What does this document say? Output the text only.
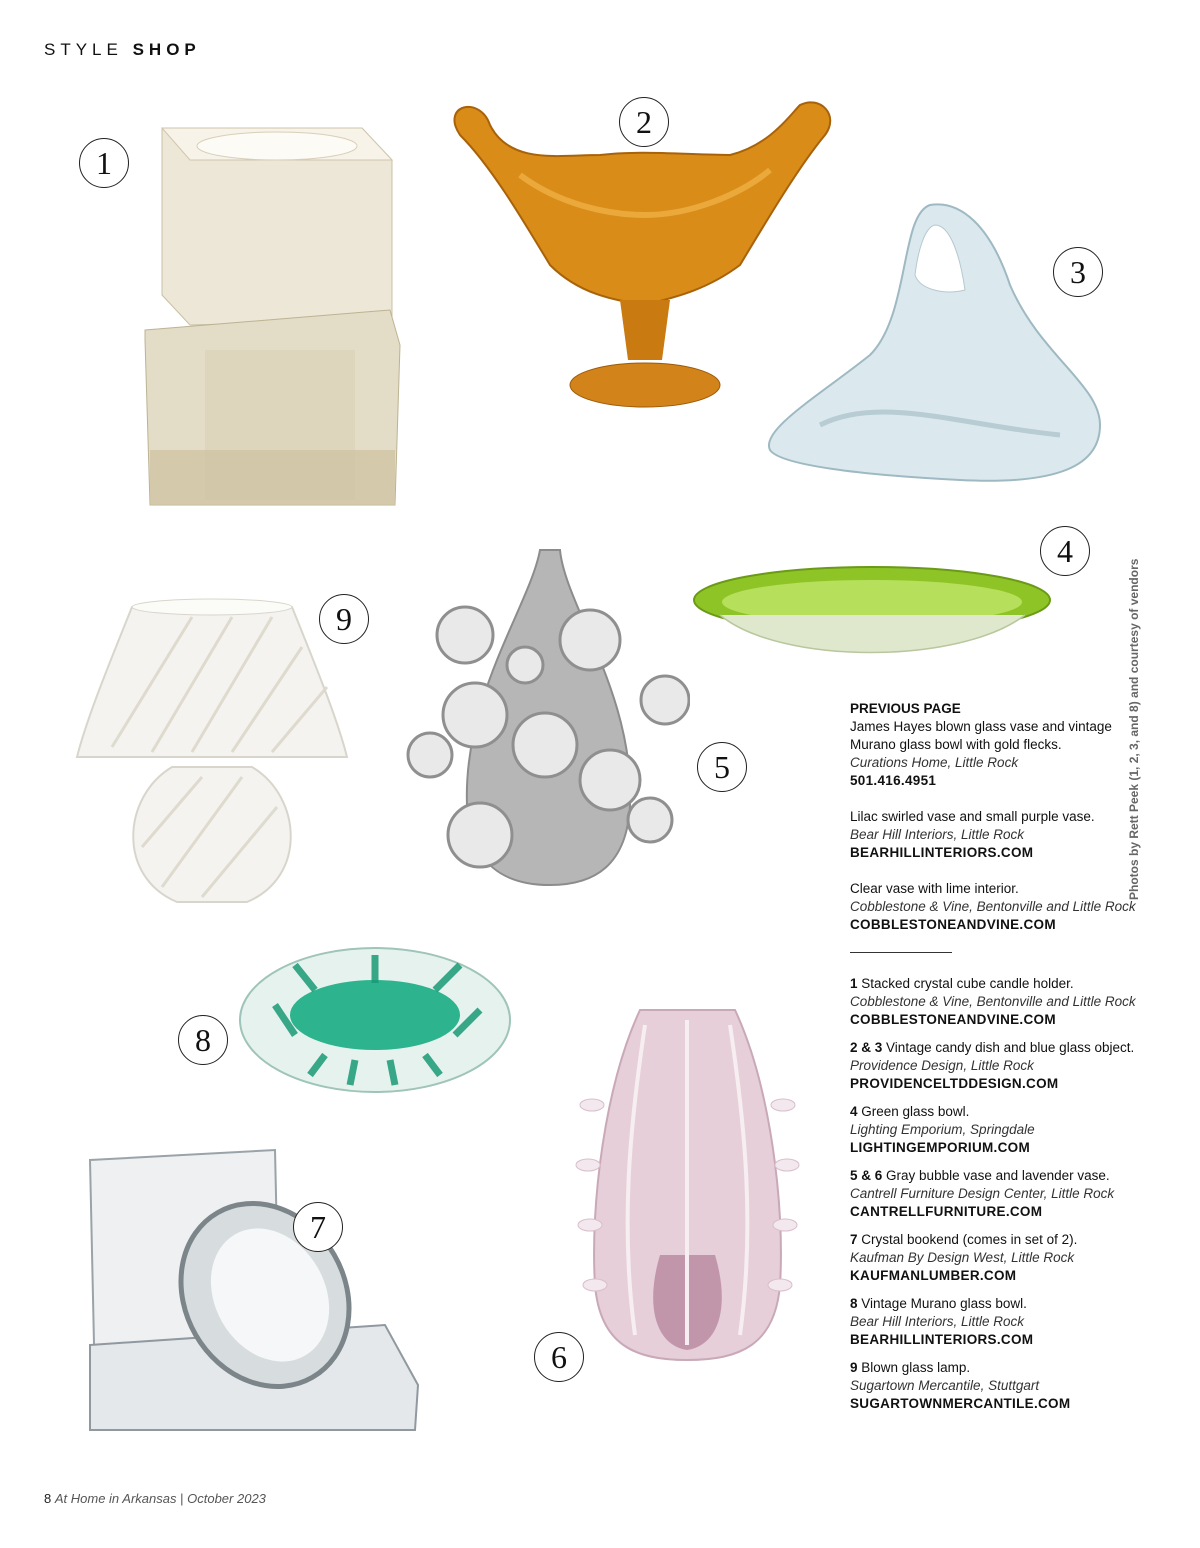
STYLE SHOP
1
2
3
4
9
5
8
6
7
PREVIOUS PAGE
James Hayes blown glass vase and vintage Murano glass bowl with gold flecks.
Curations Home, Little Rock
501.416.4951
Lilac swirled vase and small purple vase.
Bear Hill Interiors, Little Rock
BEARHILLINTERIORS.COM
Clear vase with lime interior.
Cobblestone & Vine, Bentonville and Little Rock
COBBLESTONEANDVINE.COM
1 Stacked crystal cube candle holder.
Cobblestone & Vine, Bentonville and Little Rock
COBBLESTONEANDVINE.COM
2 & 3 Vintage candy dish and blue glass object.
Providence Design, Little Rock
PROVIDENCELTDDESIGN.COM
4 Green glass bowl.
Lighting Emporium, Springdale
LIGHTINGEMPORIUM.COM
5 & 6 Gray bubble vase and lavender vase.
Cantrell Furniture Design Center, Little Rock
CANTRELLFURNITURE.COM
7 Crystal bookend (comes in set of 2).
Kaufman By Design West, Little Rock
KAUFMANLUMBER.COM
8 Vintage Murano glass bowl.
Bear Hill Interiors, Little Rock
BEARHILLINTERIORS.COM
9 Blown glass lamp.
Sugartown Mercantile, Stuttgart
SUGARTOWNMERCANTILE.COM
Photos by Rett Peek (1, 2, 3, and 8) and courtesy of vendors
8 At Home in Arkansas | October 2023
